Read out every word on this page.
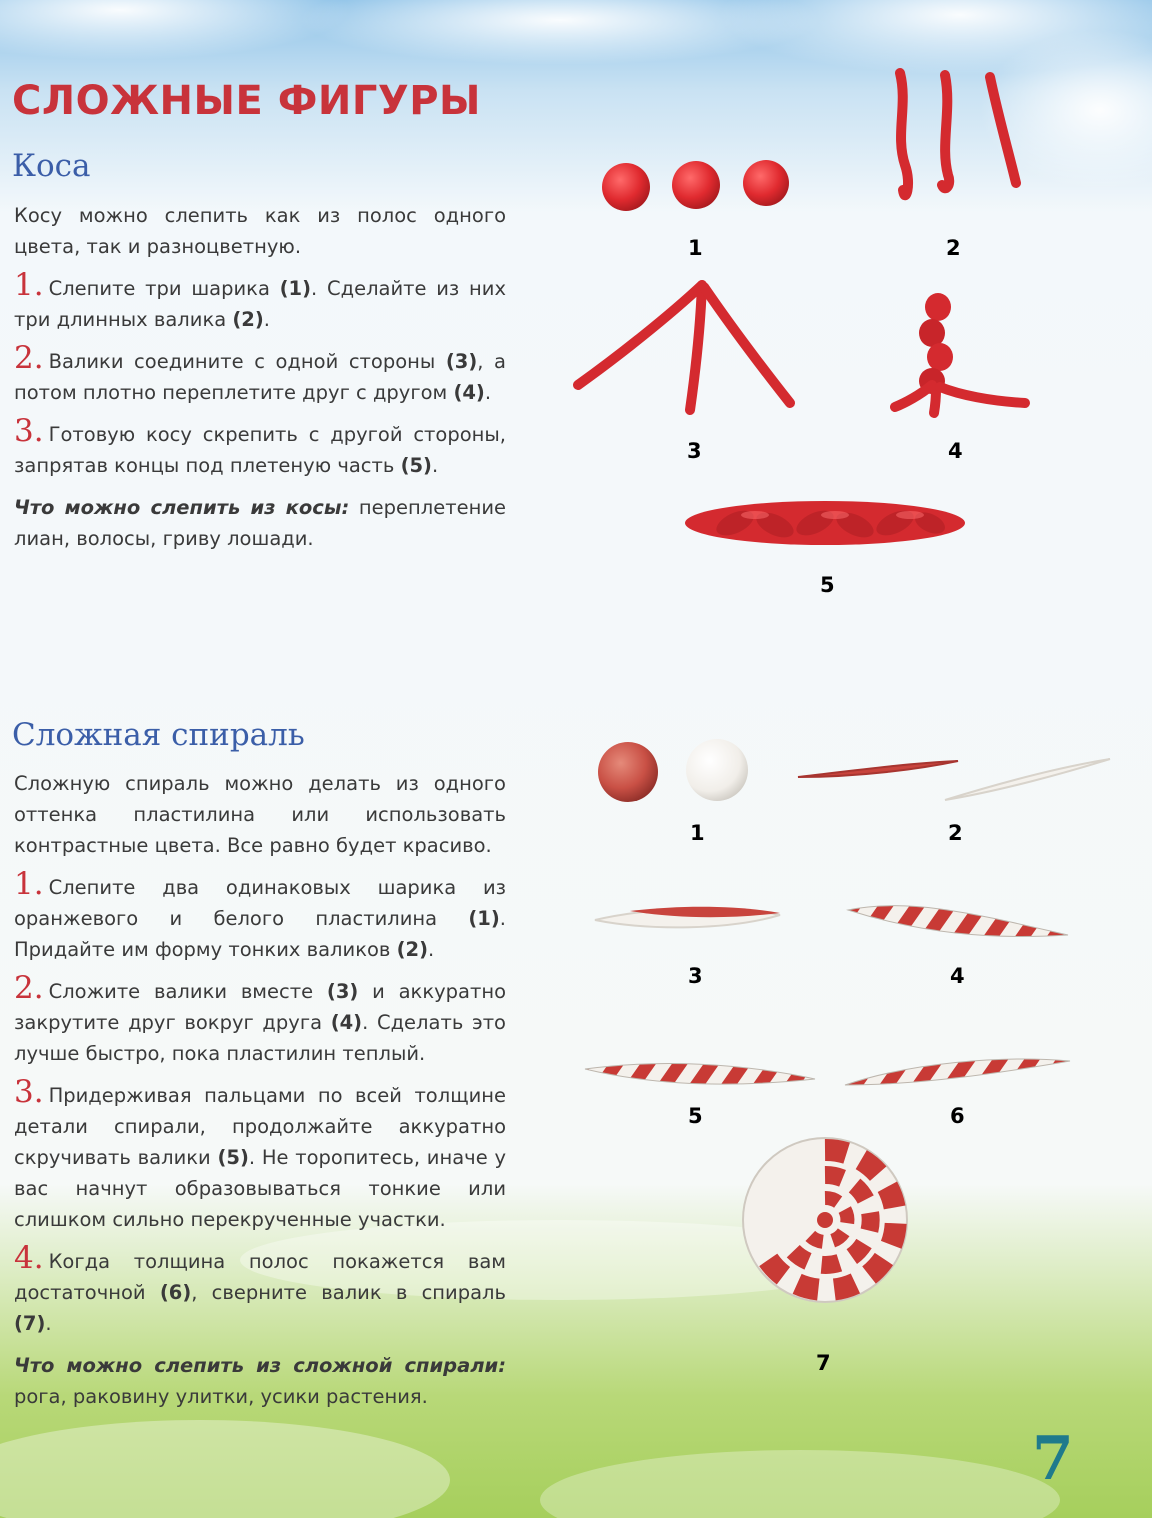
СЛОЖНЫЕ ФИГУРЫ
Коса

Косу можно слепить как из полос одного цвета, так и разноцветную.

1. Слепите три шарика (1). Сделайте из них три длинных валика (2).

2. Валики соедините с одной стороны (3), а потом плотно переплетите друг с другом (4).

3. Готовую косу скрепить с другой стороны, запрятав концы под плетеную часть (5).

Что можно слепить из косы: переплетение лиан, волосы, гриву лошади.

Сложная спираль

Сложную спираль можно делать из одного оттенка пластилина или использовать контрастные цвета. Все равно будет красиво.

1. Слепите два одинаковых шарика из оранжевого и белого пластилина (1). Придайте им форму тонких валиков (2).

2. Сложите валики вместе (3) и аккуратно закрутите друг вокруг друга (4). Сделать это лучше быстро, пока пластилин теплый.

3. Придерживая пальцами по всей толщине детали спирали, продолжайте аккуратно скручивать валики (5). Не торопитесь, иначе у вас начнут образовываться тонкие или слишком сильно перекрученные участки.

4. Когда толщина полос покажется вам достаточной (6), сверните валик в спираль (7).

Что можно слепить из сложной спирали: рога, раковину улитки, усики растения.

1	2
3	4
5
1	2
3	4
5	6
7
7
